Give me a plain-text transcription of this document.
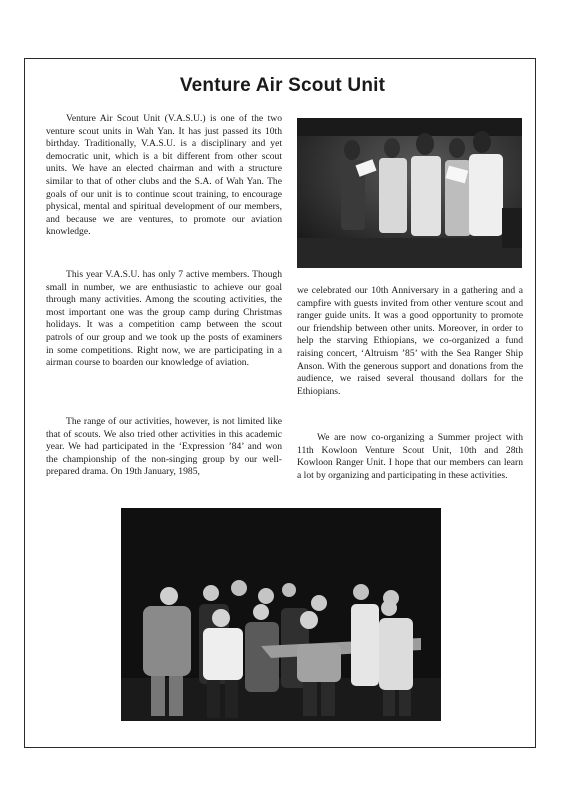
Venture Air Scout Unit

Venture Air Scout Unit (V.A.S.U.) is one of the two venture scout units in Wah Yan. It has just passed its 10th birthday. Traditionally, V.A.S.U. is a disciplinary and yet democratic unit, which is a bit different from other scout units. We have an elected chairman and with a structure similar to that of other clubs and the S.A. of Wah Yan. The goals of our unit is to continue scout training, to encourage physical, mental and spiritual development of our members, and because we are ventures, to promote our aviation knowledge.

This year V.A.S.U. has only 7 active members. Though small in number, we are enthusiastic to achieve our goal through many activities. Among the scouting activities, the most important one was the group camp during Christmas holidays. It was a competition camp between the scout patrols of our group and we took up the posts of examiners in some competitions. Right now, we are participating in a airman course to boarden our knowledge of aviation.

The range of our activities, however, is not limited like that of scouts. We also tried other activities in this academic year. We had participated in the ‘Expression ’84’ and won the championship of the non-singing group by our well-prepared drama. On 19th January, 1985,

we celebrated our 10th Anniversary in a gathering and a campfire with guests invited from other venture scout and ranger guide units. It was a good opportunity to promote our friendship between other units. Moreover, in order to help the starving Ethiopians, we co-organized a fund raising concert, ‘Altruism ’85’ with the Sea Ranger Ship Anson. With the generous support and donations from the audience, we raised several thousand dollars for the Ethiopians.

We are now co-organizing a Summer project with 11th Kowloon Venture Scout Unit, 10th and 28th Kowloon Ranger Unit. I hope that our members can learn a lot by organizing and participating in these activities.
